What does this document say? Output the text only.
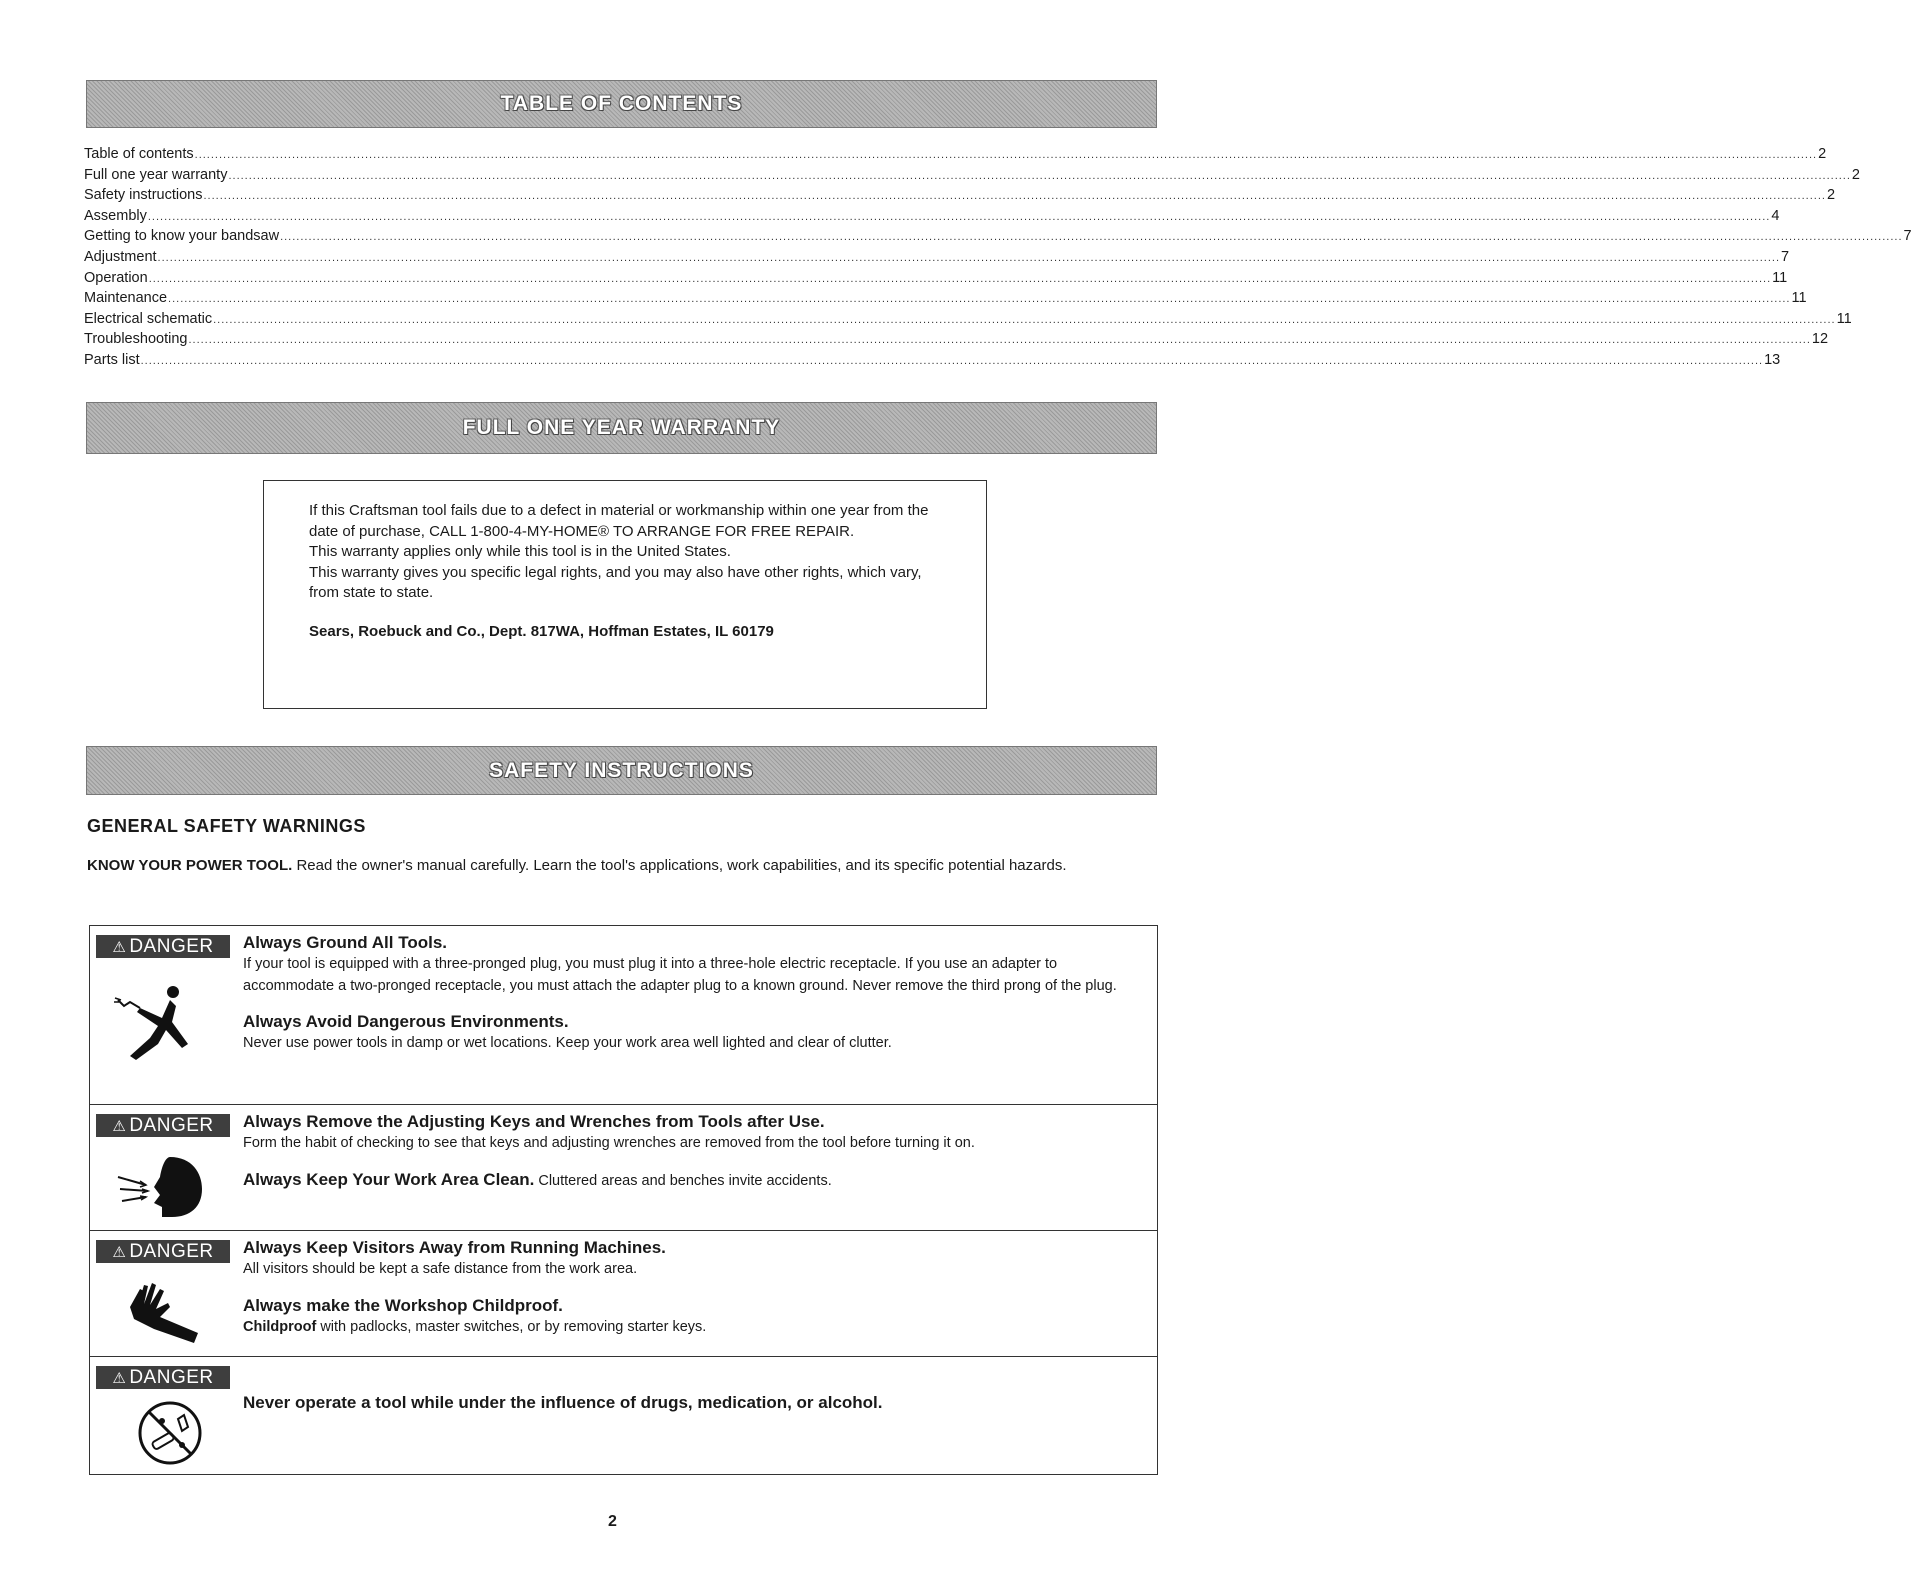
TABLE OF CONTENTS
Table of contents ................................................................................................................................................................................................................................................................................................................................................................................................................ 2
Full one year warranty ................................................................................................................................................................................................................................................................................................................................................................................................................ 2
Safety instructions ................................................................................................................................................................................................................................................................................................................................................................................................................ 2
Assembly ................................................................................................................................................................................................................................................................................................................................................................................................................ 4
Getting to know your bandsaw ................................................................................................................................................................................................................................................................................................................................................................................................................ 7
Adjustment ................................................................................................................................................................................................................................................................................................................................................................................................................ 7
Operation ................................................................................................................................................................................................................................................................................................................................................................................................................ 11
Maintenance ................................................................................................................................................................................................................................................................................................................................................................................................................ 11
Electrical schematic ................................................................................................................................................................................................................................................................................................................................................................................................................ 11
Troubleshooting ................................................................................................................................................................................................................................................................................................................................................................................................................ 12
Parts list ................................................................................................................................................................................................................................................................................................................................................................................................................ 13
FULL ONE YEAR WARRANTY

If this Craftsman tool fails due to a defect in material or workmanship within one year from the date of purchase, CALL 1-800-4-MY-HOME® TO ARRANGE FOR FREE REPAIR.

This warranty applies only while this tool is in the United States.

This warranty gives you specific legal rights, and you may also have other rights, which vary, from state to state.

Sears, Roebuck and Co., Dept. 817WA, Hoffman Estates, IL 60179

SAFETY INSTRUCTIONS
GENERAL SAFETY WARNINGS
KNOW YOUR POWER TOOL. Read the owner's manual carefully. Learn the tool's applications, work capabilities, and its specific potential hazards.
⚠ DANGER Always Ground All Tools.
If your tool is equipped with a three-pronged plug, you must plug it into a three-hole electric receptacle. If you use an adapter to accommodate a two-pronged receptacle, you must attach the adapter plug to a known ground. Never remove the third prong of the plug.
Always Avoid Dangerous Environments.
Never use power tools in damp or wet locations. Keep your work area well lighted and clear of clutter.
⚠ DANGER Always Remove the Adjusting Keys and Wrenches from Tools after Use.
Form the habit of checking to see that keys and adjusting wrenches are removed from the tool before turning it on.
Always Keep Your Work Area Clean. Cluttered areas and benches invite accidents.
⚠ DANGER Always Keep Visitors Away from Running Machines.
All visitors should be kept a safe distance from the work area.
Always make the Workshop Childproof.
Childproof with padlocks, master switches, or by removing starter keys.
⚠ DANGER
Never operate a tool while under the influence of drugs, medication, or alcohol.
2
